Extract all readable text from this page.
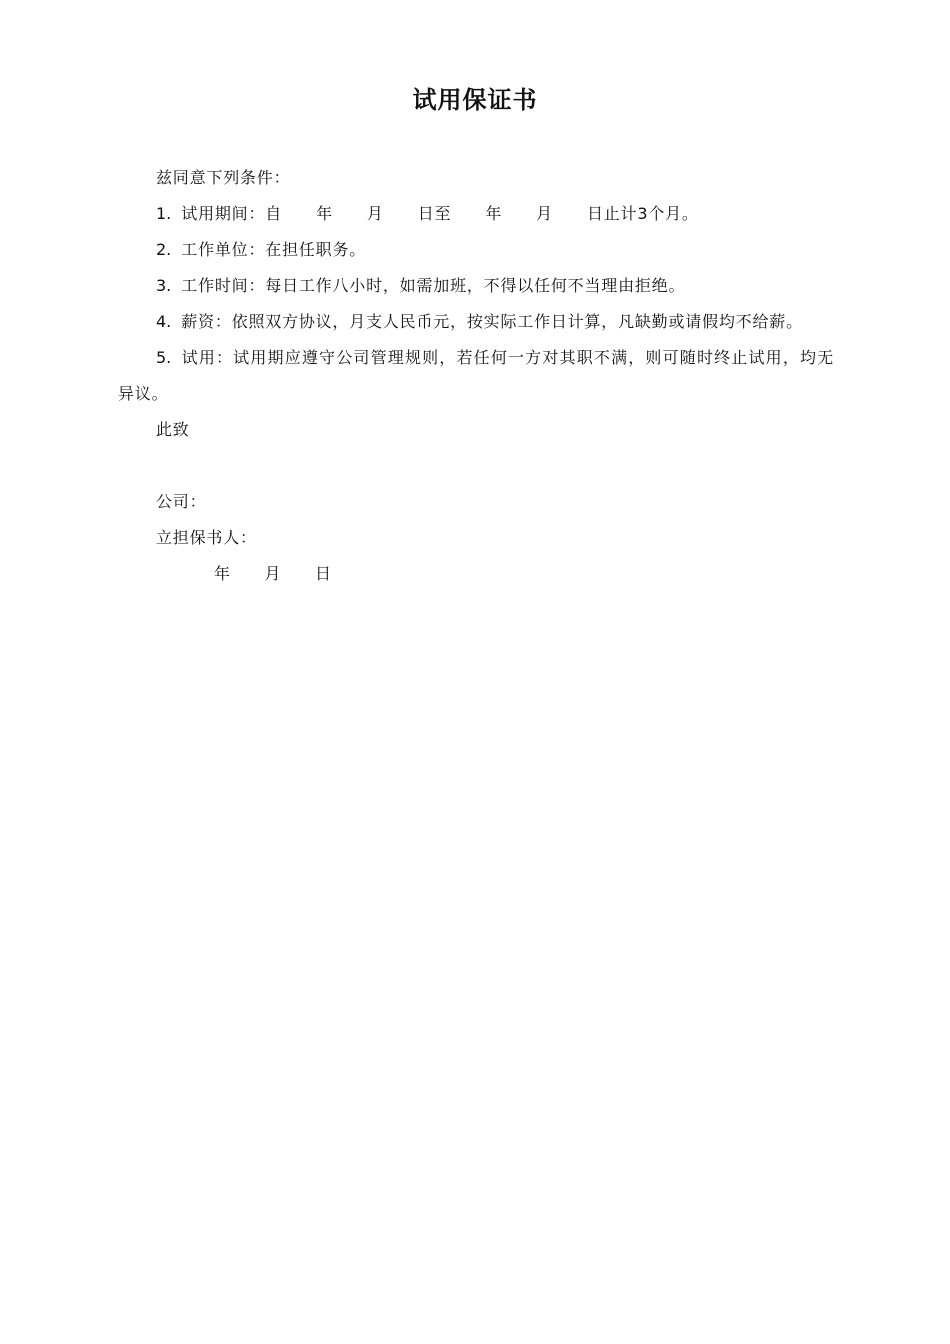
试用保证书

兹同意下列条件：

1. 试用期间：自 年 月 日至 年 月 日止计3个月。

2. 工作单位：在担任职务。

3. 工作时间：每日工作八小时，如需加班，不得以任何不当理由拒绝。

4. 薪资：依照双方协议，月支人民币元，按实际工作日计算，凡缺勤或请假均不给薪。

5. 试用：试用期应遵守公司管理规则，若任何一方对其职不满，则可随时终止试用，均无异议。

此致

公司：

立担保书人：

年 月 日
